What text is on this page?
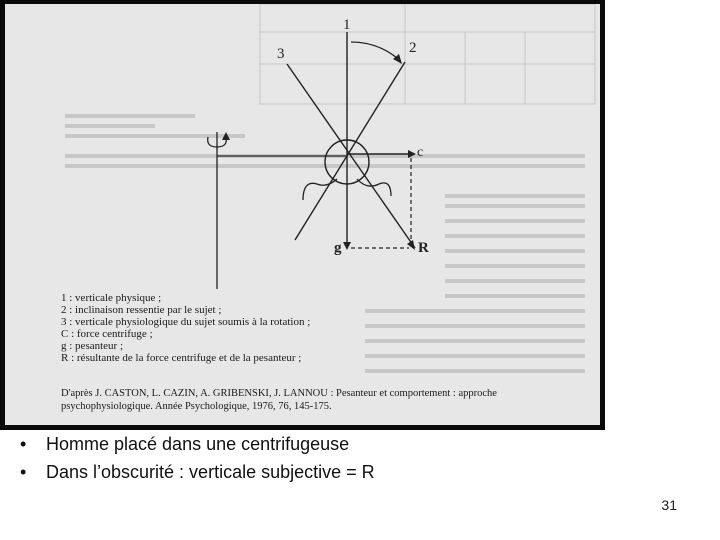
1
2
3
c
g	R
1 : verticale physique ;
2 : inclinaison ressentie par le sujet ;
3 : verticale physiologique du sujet soumis à la rotation ;
C : force centrifuge ;
g : pesanteur ;
R : résultante de la force centrifuge et de la pesanteur ;
D'après J. CASTON, L. CAZIN, A. GRIBENSKI, J. LANNOU : Pesanteur et comportement : approche
psychophysiologique. Année Psychologique, 1976, 76, 145-175.
• Homme placé dans une centrifugeuse
• Dans l’obscurité : verticale subjective = R
31
